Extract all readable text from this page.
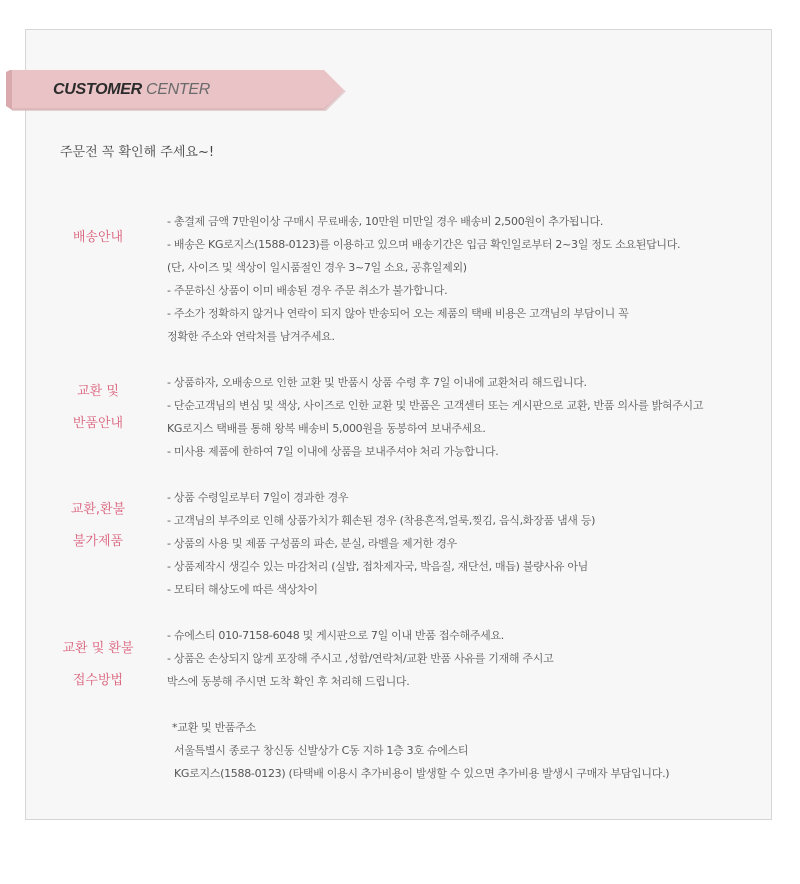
CUSTOMER CENTER
주문전 꼭 확인해 주세요~!
배송안내
- 총결제 금액 7만원이상 구매시 무료배송, 10만원 미만일 경우 배송비 2,500원이 추가됩니다.
- 배송은 KG로지스(1588-0123)를 이용하고 있으며 배송기간은 입금 확인일로부터 2~3일 정도 소요된답니다.
(단, 사이즈 및 색상이 일시품절인 경우 3~7일 소요, 공휴일제외)
- 주문하신 상품이 이미 배송된 경우 주문 취소가 불가합니다.
- 주소가 정확하지 않거나 연락이 되지 않아 반송되어 오는 제품의 택배 비용은 고객님의 부담이니 꼭
정확한 주소와 연락처를 남겨주세요.
교환 및
반품안내
- 상품하자, 오배송으로 인한 교환 및 반품시 상품 수령 후 7일 이내에 교환처리 해드립니다.
- 단순고객님의 변심 및 색상, 사이즈로 인한 교환 및 반품은 고객센터 또는 게시판으로 교환, 반품 의사를 밝혀주시고
KG로지스 택배를 통해 왕복 배송비 5,000원을 동봉하여 보내주세요.
- 미사용 제품에 한하여 7일 이내에 상품을 보내주셔야 처리 가능합니다.
교환,환불
불가제품
- 상품 수령일로부터 7일이 경과한 경우
- 고객님의 부주의로 인해 상품가치가 훼손된 경우 (착용흔적,얼룩,찢김, 음식,화장품 냄새 등)
- 상품의 사용 및 제품 구성품의 파손, 분실, 라벨을 제거한 경우
- 상품제작시 생길수 있는 마감처리 (실밥, 접차제자국, 박음질, 재단선, 매듭) 불량사유 아님
- 모티터 해상도에 따른 색상차이
교환 및 환불
접수방법
- 슈에스티 010-7158-6048 및 게시판으로 7일 이내 반품 접수해주세요.
- 상품은 손상되지 않게 포장해 주시고 ,성함/연락처/교환 반품 사유를 기재해 주시고
박스에 동봉해 주시면 도착 확인 후 처리해 드립니다.
*교환 및 반품주소
서울특별시 종로구 창신동 신발상가 C동 지하 1층 3호 슈에스티
KG로지스(1588-0123) (타택배 이용시 추가비용이 발생할 수 있으면 추가비용 발생시 구매자 부담입니다.)
